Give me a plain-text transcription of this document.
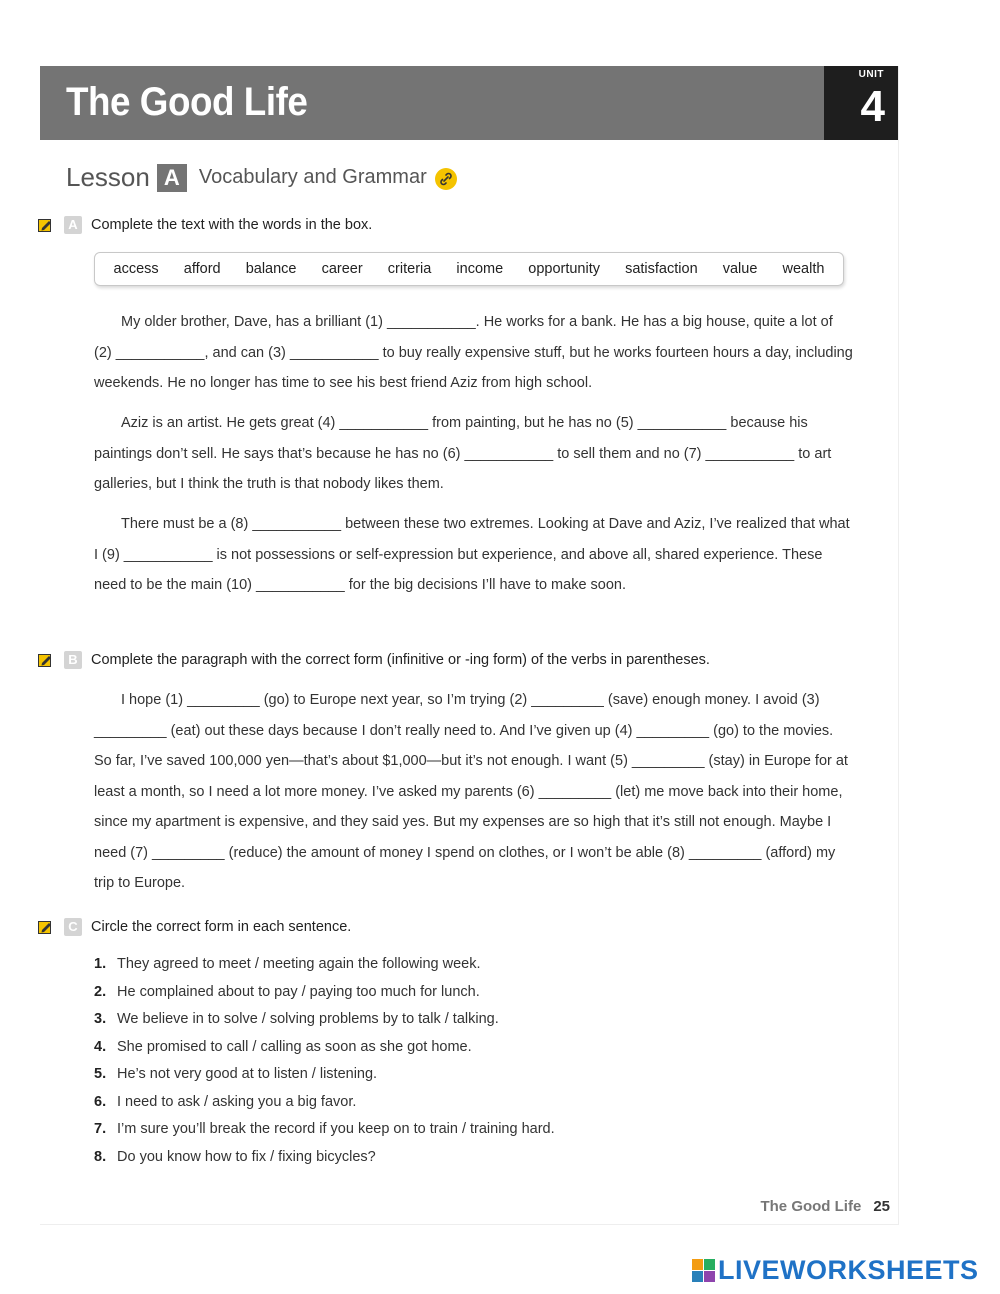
The Good Life
UNIT
4
Lesson A Vocabulary and Grammar
A Complete the text with the words in the box.
access afford balance career criteria income opportunity satisfaction value wealth

My older brother, Dave, has a brilliant (1) ___________. He works for a bank. He has a big house, quite a lot of (2) ___________, and can (3) ___________ to buy really expensive stuff, but he works fourteen hours a day, including weekends. He no longer has time to see his best friend Aziz from high school.

Aziz is an artist. He gets great (4) ___________ from painting, but he has no (5) ___________ because his paintings don’t sell. He says that’s because he has no (6) ___________ to sell them and no (7) ___________ to art galleries, but I think the truth is that nobody likes them.

There must be a (8) ___________ between these two extremes. Looking at Dave and Aziz, I’ve realized that what I (9) ___________ is not possessions or self-expression but experience, and above all, shared experience. These need to be the main (10) ___________ for the big decisions I’ll have to make soon.

B Complete the paragraph with the correct form (infinitive or -ing form) of the verbs in parentheses.

I hope (1) _________ (go) to Europe next year, so I’m trying (2) _________ (save) enough money. I avoid (3) _________ (eat) out these days because I don’t really need to. And I’ve given up (4) _________ (go) to the movies. So far, I’ve saved 100,000 yen—that’s about $1,000—but it’s not enough. I want (5) _________ (stay) in Europe for at least a month, so I need a lot more money. I’ve asked my parents (6) _________ (let) me move back into their home, since my apartment is expensive, and they said yes. But my expenses are so high that it’s still not enough. Maybe I need (7) _________ (reduce) the amount of money I spend on clothes, or I won’t be able (8) _________ (afford) my trip to Europe.

C Circle the correct form in each sentence.
1. They agreed to meet / meeting again the following week.
2. He complained about to pay / paying too much for lunch.
3. We believe in to solve / solving problems by to talk / talking.
4. She promised to call / calling as soon as she got home.
5. He’s not very good at to listen / listening.
6. I need to ask / asking you a big favor.
7. I’m sure you’ll break the record if you keep on to train / training hard.
8. Do you know how to fix / fixing bicycles?
The Good Life 25
LIVEWORKSHEETS
